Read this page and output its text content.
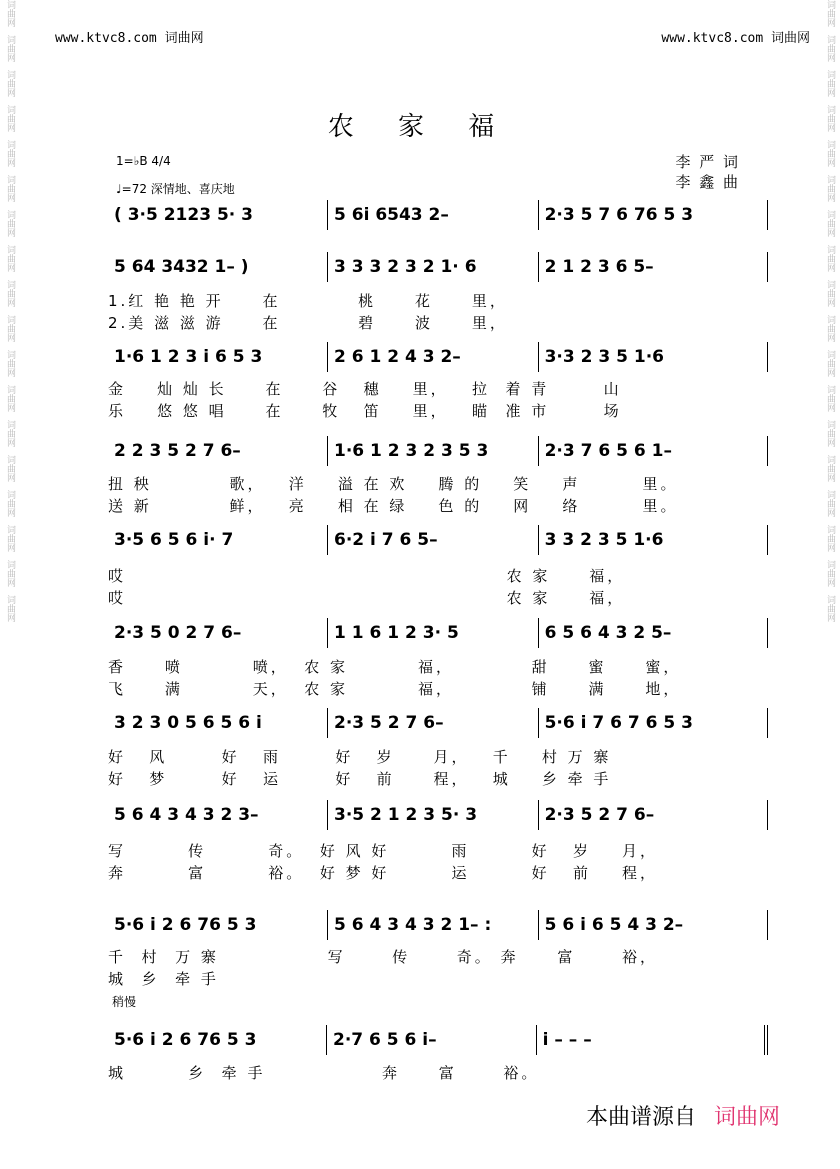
词曲网
词曲网
词曲网
词曲网
词曲网
词曲网
词曲网
词曲网
词曲网
词曲网
词曲网
词曲网
词曲网
词曲网
词曲网
词曲网
词曲网
词曲网
词曲网
词曲网
词曲网
词曲网
词曲网
词曲网
词曲网
词曲网
词曲网
词曲网
词曲网
词曲网
词曲网
词曲网
词曲网
词曲网
词曲网
词曲网
www.ktvc8.com 词曲网	www.ktvc8.com 词曲网
农 家 福
1=♭B 4/4
♩=72 深情地、喜庆地
李 严 词
李 鑫 曲
( 3·5 2123 5· 3	5 6i 6543 2–	2·3 5 7 6 76 5 3
5 64 3432 1– )	3 3 3 2 3 2 1· 6	2 1 2 3 6 5–
1.红 艳 艳 开     在          桃     花     里，
2.美 滋 滋 游     在          碧     波     里，
1·6 1 2 3 i 6 5 3	2 6 1 2 4 3 2–	3·3 2 3 5 1·6
金    灿 灿 长     在     谷   穗    里，   拉  着 青       山
乐    悠 悠 唱     在     牧   笛    里，   瞄  准 市       场
2 2 3 5 2 7 6–	1·6 1 2 3 2 3 5 3	2·3 7 6 5 6 1–
扭 秧          歌，   洋    溢 在 欢    腾 的    笑    声        里。
送 新          鲜，   亮    相 在 绿    色 的    网    络        里。
3·5 6 5 6 i· 7	6·2 i 7 6 5–	3 3 2 3 5 1·6
哎                                                 农 家     福，
哎                                                 农 家     福，
2·3 5 0 2 7 6–	1 1 6 1 2 3· 5	6 5 6 4 3 2 5–
香     喷         喷，  农 家         福，          甜     蜜     蜜，
飞     满         天，  农 家         福，          铺     满     地，
3 2 3 0 5 6 5 6 i	2·3 5 2 7 6–	5·6 i 7 6 7 6 5 3
好   风       好   雨       好   岁     月，   千    村 万 寨
好   梦       好   运       好   前     程，   城    乡 牵 手
5 6 4 3 4 3 2 3–	3·5 2 1 2 3 5· 3	2·3 5 2 7 6–
写        传        奇。  好 风 好        雨        好   岁    月，
奔        富        裕。  好 梦 好        运        好   前    程，
5·6 i 2 6 76 5 3	5 6 4 3 4 3 2 1– :	5 6 i 6 5 4 3 2–
千  村  万 寨              写      传      奇。 奔     富      裕，
城  乡  牵 手
5·6 i 2 6 76 5 3	2·7 6 5 6 i–	i – – –
城        乡  牵 手               奔     富      裕。
稍慢
本曲谱源自 词曲网
